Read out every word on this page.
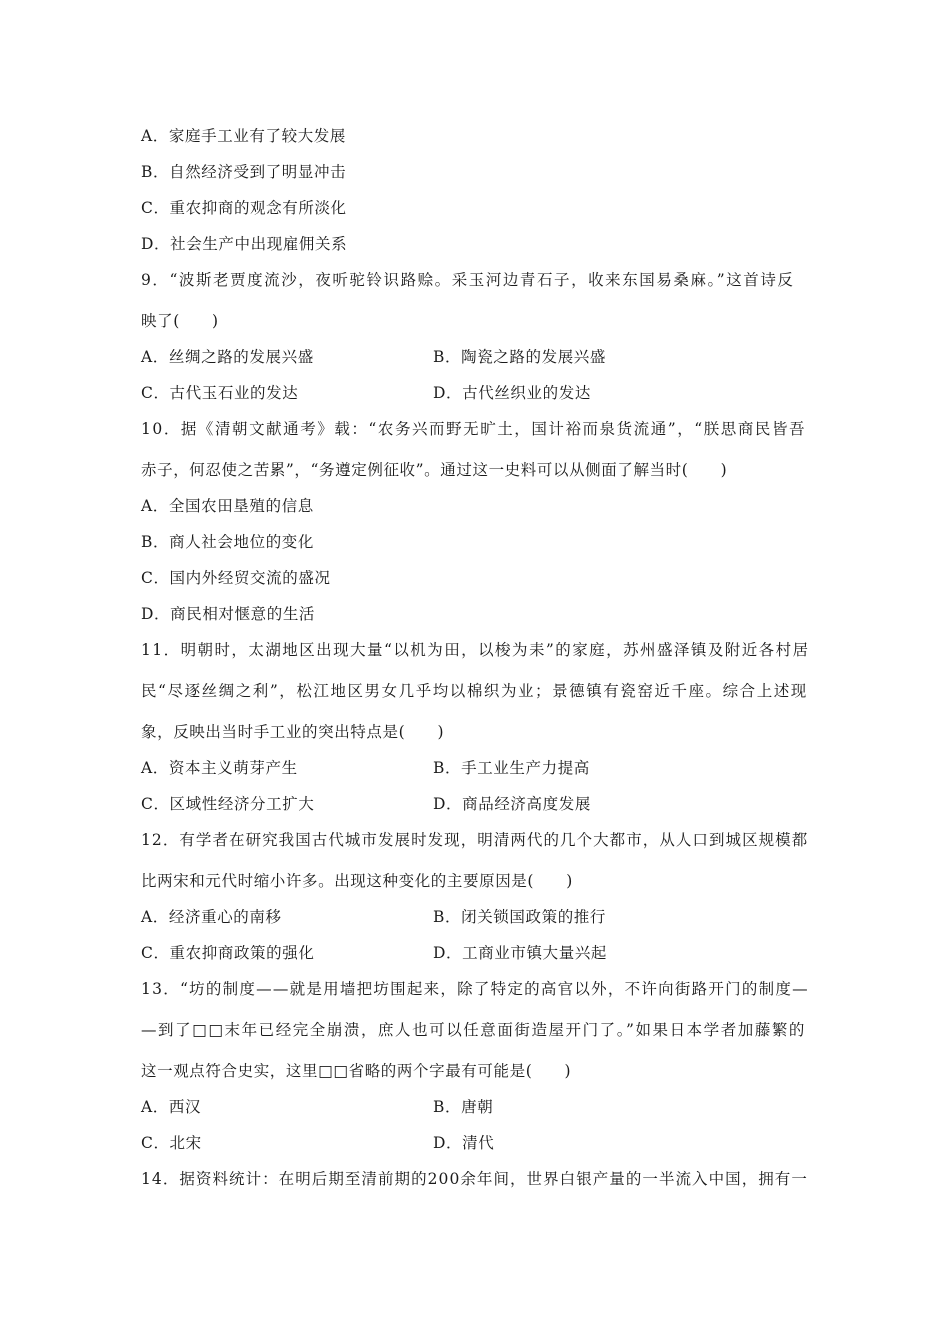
A．家庭手工业有了较大发展
B．自然经济受到了明显冲击
C．重农抑商的观念有所淡化
D．社会生产中出现雇佣关系
9．“波斯老贾度流沙，夜听驼铃识路赊。采玉河边青石子，收来东国易桑麻。”这首诗反
映了(　　)
A．丝绸之路的发展兴盛	B．陶瓷之路的发展兴盛
C．古代玉石业的发达	D．古代丝织业的发达
10．据《清朝文献通考》载：“农务兴而野无旷土，国计裕而泉货流通”，“朕思商民皆吾
赤子，何忍使之苦累”，“务遵定例征收”。通过这一史料可以从侧面了解当时(　　)
A．全国农田垦殖的信息
B．商人社会地位的变化
C．国内外经贸交流的盛况
D．商民相对惬意的生活
11．明朝时，太湖地区出现大量“以机为田，以梭为耒”的家庭，苏州盛泽镇及附近各村居
民“尽逐丝绸之利”，松江地区男女几乎均以棉织为业；景德镇有瓷窑近千座。综合上述现
象，反映出当时手工业的突出特点是(　　)
A．资本主义萌芽产生	B．手工业生产力提高
C．区域性经济分工扩大	D．商品经济高度发展
12．有学者在研究我国古代城市发展时发现，明清两代的几个大都市，从人口到城区规模都
比两宋和元代时缩小许多。出现这种变化的主要原因是(　　)
A．经济重心的南移	B．闭关锁国政策的推行
C．重农抑商政策的强化	D．工商业市镇大量兴起
13．“坊的制度——就是用墙把坊围起来，除了特定的高官以外，不许向街路开门的制度—
—到了□□末年已经完全崩溃，庶人也可以任意面街造屋开门了。”如果日本学者加藤繁的
这一观点符合史实，这里□□省略的两个字最有可能是(　　)
A．西汉	B．唐朝
C．北宋	D．清代
14．据资料统计：在明后期至清前期的200余年间，世界白银产量的一半流入中国，拥有一
